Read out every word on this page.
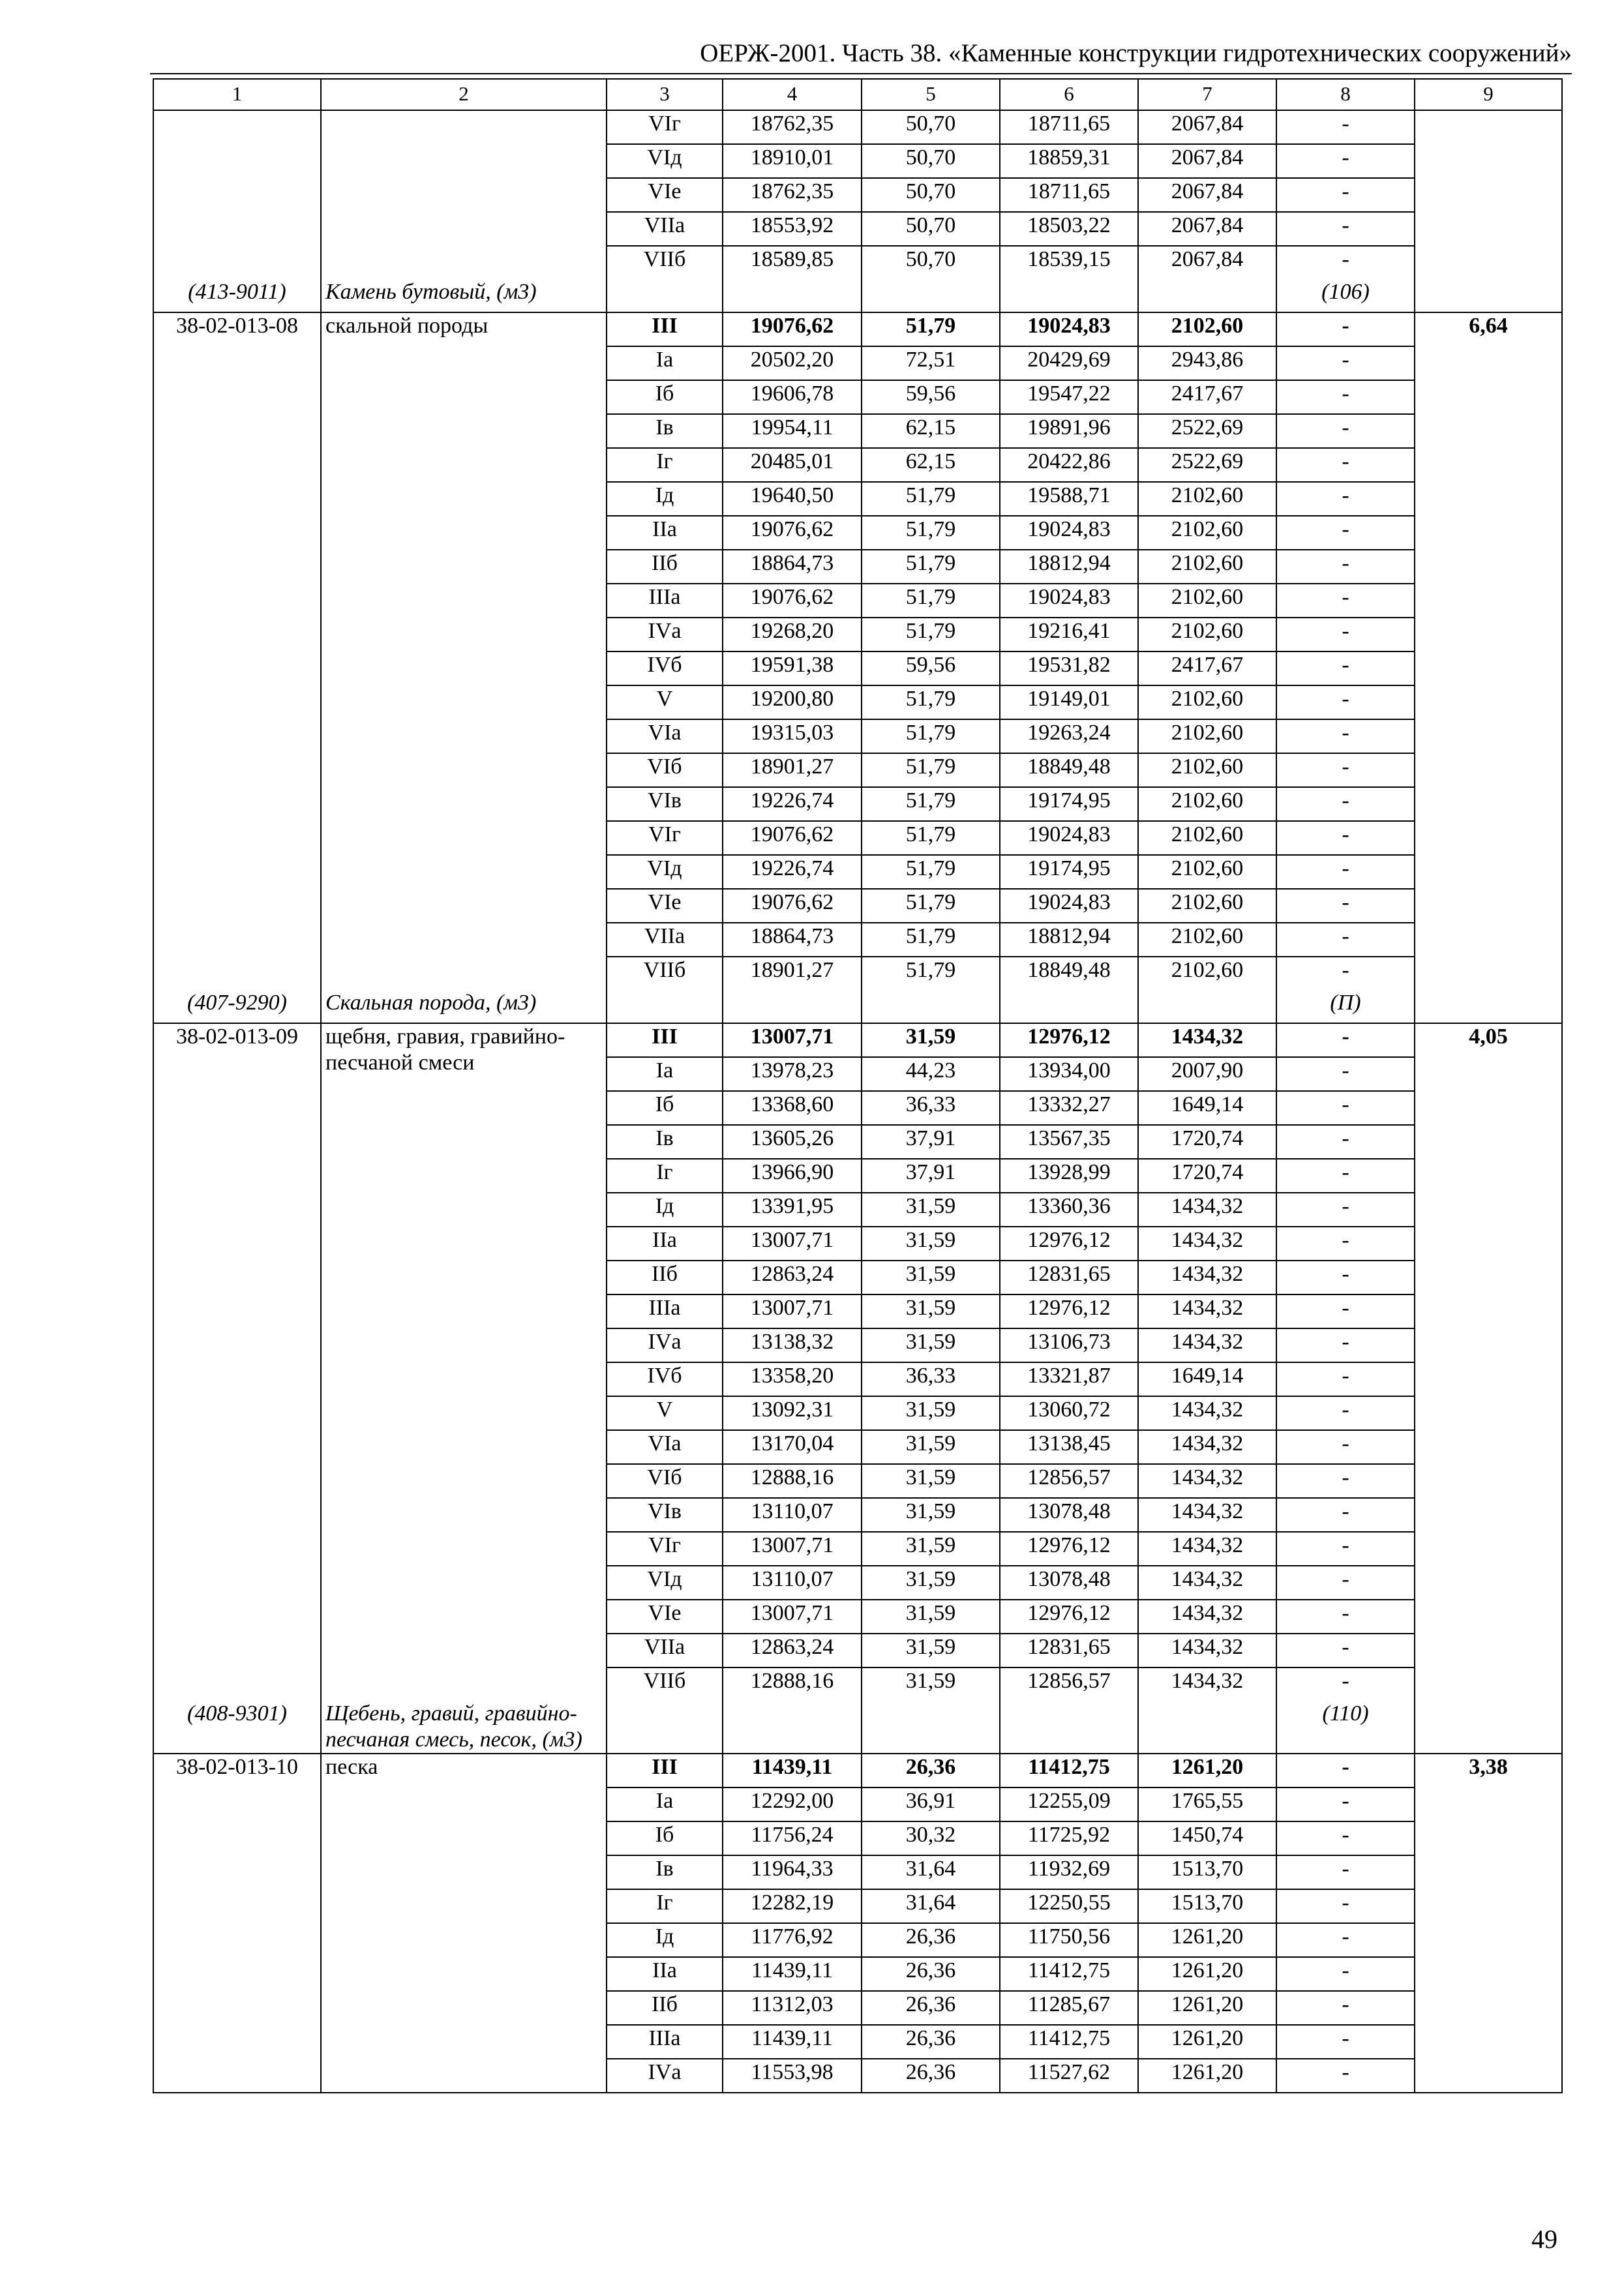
ОЕРЖ-2001. Часть 38. «Каменные конструкции гидротехнических сооружений»
1	2	3	4	5	6	7	8	9
		VIг	18762,35	50,70	18711,65	2067,84	-	
		VIд	18910,01	50,70	18859,31	2067,84	-	
		VIе	18762,35	50,70	18711,65	2067,84	-	
		VIIа	18553,92	50,70	18503,22	2067,84	-	
		VIIб	18589,85	50,70	18539,15	2067,84	-	
(413-9011)	Камень бутовый, (м3)						(106)	
38-02-013-08	скальной породы	III	19076,62	51,79	19024,83	2102,60	-	6,64
		Iа	20502,20	72,51	20429,69	2943,86	-	
		Iб	19606,78	59,56	19547,22	2417,67	-	
		Iв	19954,11	62,15	19891,96	2522,69	-	
		Iг	20485,01	62,15	20422,86	2522,69	-	
		Iд	19640,50	51,79	19588,71	2102,60	-	
		IIа	19076,62	51,79	19024,83	2102,60	-	
		IIб	18864,73	51,79	18812,94	2102,60	-	
		IIIа	19076,62	51,79	19024,83	2102,60	-	
		IVа	19268,20	51,79	19216,41	2102,60	-	
		IVб	19591,38	59,56	19531,82	2417,67	-	
		V	19200,80	51,79	19149,01	2102,60	-	
		VIа	19315,03	51,79	19263,24	2102,60	-	
		VIб	18901,27	51,79	18849,48	2102,60	-	
		VIв	19226,74	51,79	19174,95	2102,60	-	
		VIг	19076,62	51,79	19024,83	2102,60	-	
		VIд	19226,74	51,79	19174,95	2102,60	-	
		VIе	19076,62	51,79	19024,83	2102,60	-	
		VIIа	18864,73	51,79	18812,94	2102,60	-	
		VIIб	18901,27	51,79	18849,48	2102,60	-	
(407-9290)	Скальная порода, (м3)						(П)	
38-02-013-09	щебня, гравия, гравийно-песчаной смеси	III	13007,71	31,59	12976,12	1434,32	-	4,05
		Iа	13978,23	44,23	13934,00	2007,90	-	
		Iб	13368,60	36,33	13332,27	1649,14	-	
		Iв	13605,26	37,91	13567,35	1720,74	-	
		Iг	13966,90	37,91	13928,99	1720,74	-	
		Iд	13391,95	31,59	13360,36	1434,32	-	
		IIа	13007,71	31,59	12976,12	1434,32	-	
		IIб	12863,24	31,59	12831,65	1434,32	-	
		IIIа	13007,71	31,59	12976,12	1434,32	-	
		IVа	13138,32	31,59	13106,73	1434,32	-	
		IVб	13358,20	36,33	13321,87	1649,14	-	
		V	13092,31	31,59	13060,72	1434,32	-	
		VIа	13170,04	31,59	13138,45	1434,32	-	
		VIб	12888,16	31,59	12856,57	1434,32	-	
		VIв	13110,07	31,59	13078,48	1434,32	-	
		VIг	13007,71	31,59	12976,12	1434,32	-	
		VIд	13110,07	31,59	13078,48	1434,32	-	
		VIе	13007,71	31,59	12976,12	1434,32	-	
		VIIа	12863,24	31,59	12831,65	1434,32	-	
		VIIб	12888,16	31,59	12856,57	1434,32	-	
(408-9301)	Щебень, гравий, гравийно-песчаная смесь, песок, (м3)						(110)	
38-02-013-10	песка	III	11439,11	26,36	11412,75	1261,20	-	3,38
		Iа	12292,00	36,91	12255,09	1765,55	-	
		Iб	11756,24	30,32	11725,92	1450,74	-	
		Iв	11964,33	31,64	11932,69	1513,70	-	
		Iг	12282,19	31,64	12250,55	1513,70	-	
		Iд	11776,92	26,36	11750,56	1261,20	-	
		IIа	11439,11	26,36	11412,75	1261,20	-	
		IIб	11312,03	26,36	11285,67	1261,20	-	
		IIIа	11439,11	26,36	11412,75	1261,20	-	
		IVа	11553,98	26,36	11527,62	1261,20	-	
49
